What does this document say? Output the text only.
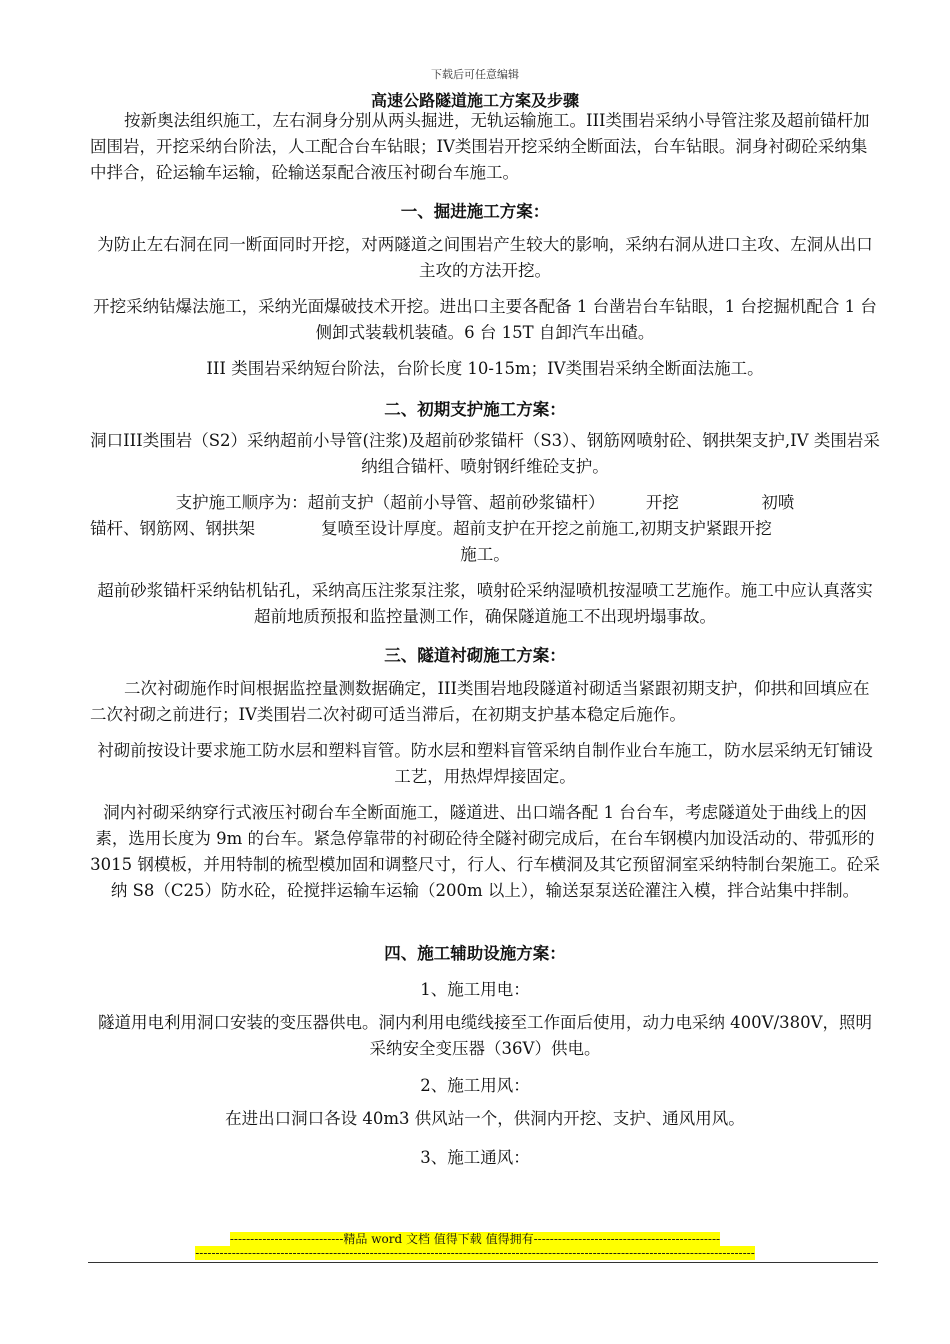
下载后可任意编辑
高速公路隧道施工方案及步骤

按新奥法组织施工，左右洞身分别从两头掘进，无轨运输施工。III类围岩采纳小导管注浆及超前锚杆加固围岩，开挖采纳台阶法，人工配合台车钻眼；IV类围岩开挖采纳全断面法，台车钻眼。洞身衬砌砼采纳集中拌合，砼运输车运输，砼输送泵配合液压衬砌台车施工。

一、掘进施工方案：

为防止左右洞在同一断面同时开挖，对两隧道之间围岩产生较大的影响，采纳右洞从进口主攻、左洞从出口主攻的方法开挖。

开挖采纳钻爆法施工，采纳光面爆破技术开挖。进出口主要各配备 1 台凿岩台车钻眼，1 台挖掘机配合 1 台侧卸式装载机装碴。6 台 15T 自卸汽车出碴。

III 类围岩采纳短台阶法，台阶长度 10-15m；IV类围岩采纳全断面法施工。

二、初期支护施工方案：

洞口III类围岩（S2）采纳超前小导管(注浆)及超前砂浆锚杆（S3）、钢筋网喷射砼、钢拱架支护,IV 类围岩采纳组合锚杆、喷射钢纤维砼支护。

支护施工顺序为：超前支护（超前小导管、超前砂浆锚杆）　　　开挖　　　　　初喷

锚杆、钢筋网、钢拱架　　　　复喷至设计厚度。超前支护在开挖之前施工,初期支护紧跟开挖

施工。

超前砂浆锚杆采纳钻机钻孔，采纳高压注浆泵注浆，喷射砼采纳湿喷机按湿喷工艺施作。施工中应认真落实超前地质预报和监控量测工作，确保隧道施工不出现坍塌事故。

三、隧道衬砌施工方案：

二次衬砌施作时间根据监控量测数据确定，III类围岩地段隧道衬砌适当紧跟初期支护，仰拱和回填应在二次衬砌之前进行；IV类围岩二次衬砌可适当滞后，在初期支护基本稳定后施作。

衬砌前按设计要求施工防水层和塑料盲管。防水层和塑料盲管采纳自制作业台车施工，防水层采纳无钉铺设工艺，用热焊焊接固定。

洞内衬砌采纳穿行式液压衬砌台车全断面施工，隧道进、出口端各配 1 台台车，考虑隧道处于曲线上的因素，选用长度为 9m 的台车。紧急停靠带的衬砌砼待全隧衬砌完成后，在台车钢模内加设活动的、带弧形的 3015 钢模板，并用特制的梳型模加固和调整尺寸，行人、行车横洞及其它预留洞室采纳特制台架施工。砼采纳 S8（C25）防水砼，砼搅拌运输车运输（200m 以上），输送泵泵送砼灌注入模，拌合站集中拌制。

四、施工辅助设施方案：
1、施工用电：

隧道用电利用洞口安装的变压器供电。洞内利用电缆线接至工作面后使用，动力电采纳 400V/380V，照明采纳安全变压器（36V）供电。

2、施工用风：

在进出口洞口各设 40m3 供风站一个，供洞内开挖、支护、通风用风。

3、施工通风：
----------------------------精品 word 文档 值得下载 值得拥有----------------------------------------------
------------------------------------------------------------------------------------------------------------------------------------------
